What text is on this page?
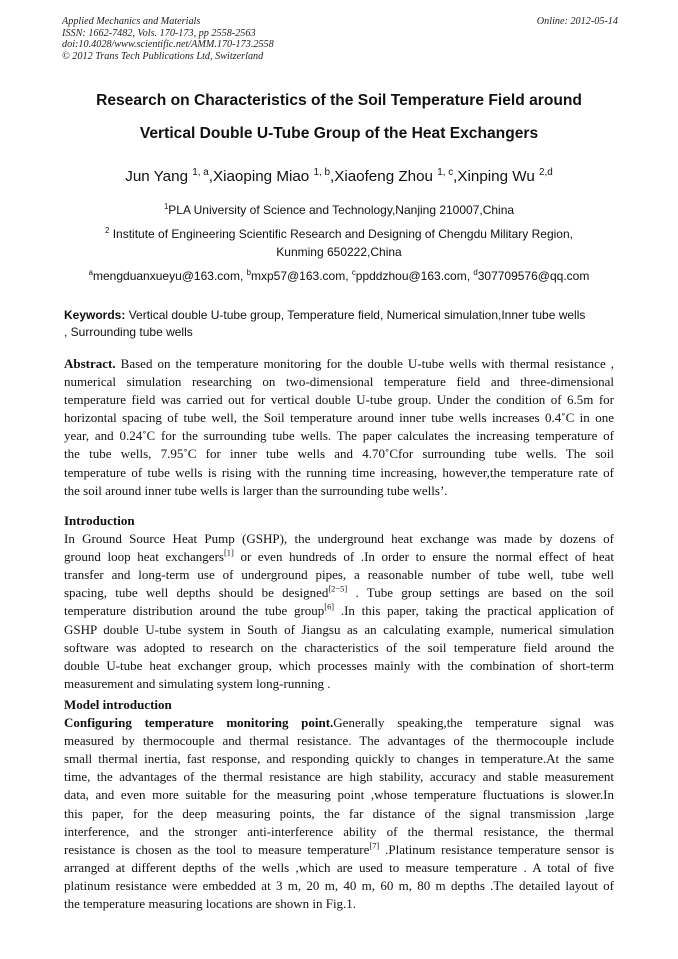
Applied Mechanics and Materials
ISSN: 1662-7482, Vols. 170-173, pp 2558-2563
doi:10.4028/www.scientific.net/AMM.170-173.2558
© 2012 Trans Tech Publications Ltd, Switzerland
Online: 2012-05-14
Research on Characteristics of the Soil Temperature Field around
Vertical Double U-Tube Group of the Heat Exchangers
Jun Yang $^{1, a}$,Xiaoping Miao $^{1, b}$,Xiaofeng Zhou $^{1, c}$,Xinping Wu $^{2,d}$
$^1$PLA University of Science and Technology,Nanjing 210007,China
$^2$ Institute of Engineering Scientific Research and Designing of Chengdu Military Region,
Kunming 650222,China
$^a$mengduanxueyu@163.com, $^b$mxp57@163.com, $^c$ppddzhou@163.com, $^d$307709576@qq.com
Keywords: Vertical double U-tube group, Temperature field, Numerical simulation,Inner tube wells
, Surrounding tube wells
Abstract. Based on the temperature monitoring for the double U-tube wells with thermal resistance ,
numerical simulation researching on two-dimensional temperature field and three-dimensional
temperature field was carried out for vertical double U-tube group. Under the condition of 6.5m for
horizontal spacing of tube well, the Soil temperature around inner tube wells increases 0.4˚C in one
year, and 0.24˚C for the surrounding tube wells. The paper calculates the increasing temperature of
the tube wells, 7.95˚C for inner tube wells and 4.70˚Cfor surrounding tube wells. The soil
temperature of tube wells is rising with the running time increasing, however,the temperature rate of
the soil around inner tube wells is larger than the surrounding tube wells’.
Introduction
In Ground Source Heat Pump (GSHP), the underground heat exchange was made by dozens of
ground loop heat exchangers[1] or even hundreds of .In order to ensure the normal effect of heat
transfer and long-term use of underground pipes, a reasonable number of tube well, tube well
spacing, tube well depths should be designed[2−5] . Tube group settings are based on the soil
temperature distribution around the tube group[6] .In this paper, taking the practical application of
GSHP double U-tube system in South of Jiangsu as an calculating example, numerical simulation
software was adopted to research on the characteristics of the soil temperature field around the
double U-tube heat exchanger group, which processes mainly with the combination of short-term
measurement and simulating system long-running .
Model introduction
Configuring temperature monitoring point.Generally speaking,the temperature signal was
measured by thermocouple and thermal resistance. The advantages of the thermocouple include
small thermal inertia, fast response, and responding quickly to changes in temperature.At the same
time, the advantages of the thermal resistance are high stability, accuracy and stable measurement
data, and even more suitable for the measuring point ,whose temperature fluctuations is slower.In
this paper, for the deep measuring points, the far distance of the signal transmission ,large
interference, and the stronger anti-interference ability of the thermal resistance, the thermal
resistance is chosen as the tool to measure temperature[7] .Platinum resistance temperature sensor is
arranged at different depths of the wells ,which are used to measure temperature . A total of five
platinum resistance were embedded at 3 m, 20 m, 40 m, 60 m, 80 m depths .The detailed layout of
the temperature measuring locations are shown in Fig.1.
